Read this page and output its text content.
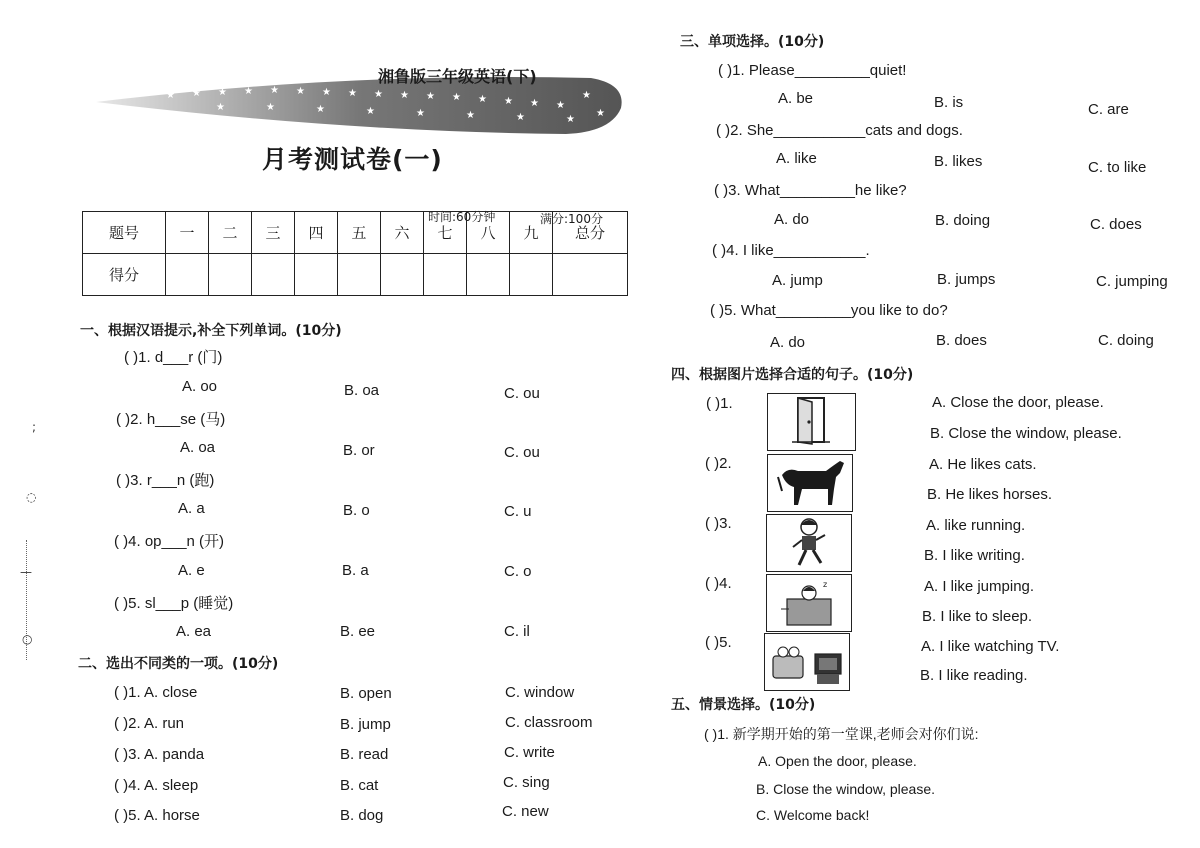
;
◌
—
○
★ ★ ★ ★ ★ ★ ★ ★ ★ ★ ★ ★ ★ ★ ★ ★
★
★
★	★	★	★	★	★	★	★
湘鲁版三年级英语(下)
月考测试卷(一)
时间:60分钟	满分:100分
题号	一	二	三	四	五	六	七	八	九	总分
得分										
一、根据汉语提示,补全下列单词。(10分)
( )1. d___r (门)
A. oo	B. oa	C. ou
( )2. h___se (马)
A. oa	B. or	C. ou
( )3. r___n (跑)
A. a	B. o	C. u
( )4. op___n (开)
A. e	B. a	C. o
( )5. sl___p (睡觉)
A. ea	B. ee	C. il
二、选出不同类的一项。(10分)
( )1. A. close	B. open	C. window
( )2. A. run	B. jump	C. classroom
( )3. A. panda	B. read	C. write
( )4. A. sleep	B. cat	C. sing
( )5. A. horse	B. dog	C. new
三、单项选择。(10分)
( )1. Please_________quiet!
A. be	B. is	C. are
( )2. She___________cats and dogs.
A. like	B. likes	C. to like
( )3. What_________he like?
A. do	B. doing	C. does
( )4. I like___________.
A. jump	B. jumps	C. jumping
( )5. What_________you like to do?
A. do	B. does	C. doing
四、根据图片选择合适的句子。(10分)
( )1.	A. Close the door, please.
B. Close the window, please.
( )2.	A. He likes cats.
B. He likes horses.
( )3.	A. like running.
B. I like writing.
( )4.	z	A. I like jumping.
B. I like to sleep.
( )5.	A. I like watching TV.
B. I like reading.
五、情景选择。(10分)
( )1. 新学期开始的第一堂课,老师会对你们说:
A. Open the door, please.
B. Close the window, please.
C. Welcome back!
